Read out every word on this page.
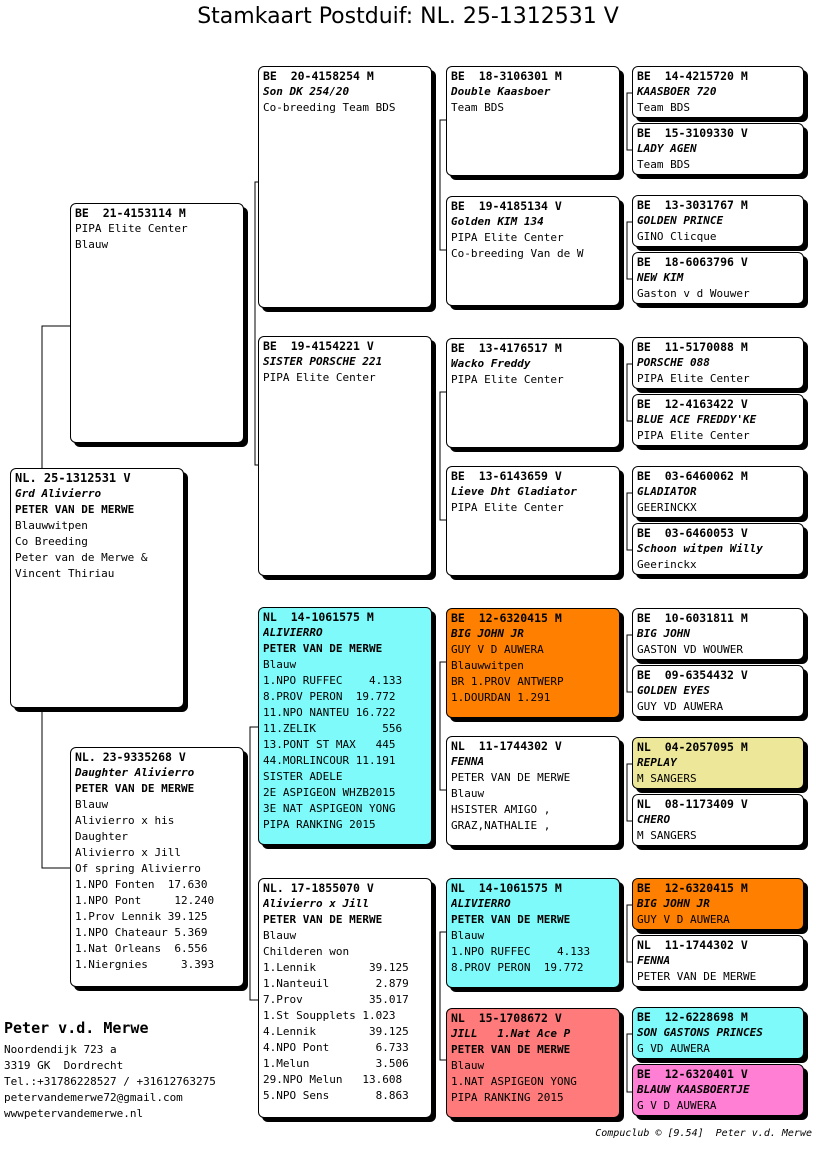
Stamkaart Postduif: NL. 25-1312531 V
NL. 25-1312531 V
Grd Alivierro
PETER VAN DE MERWE
Blauwwitpen
Co Breeding
Peter van de Merwe &
Vincent Thiriau
BE  21-4153114 M
PIPA Elite Center
Blauw
NL. 23-9335268 V
Daughter Alivierro
PETER VAN DE MERWE
Blauw
Alivierro x his
Daughter
Alivierro x Jill
Of spring Alivierro
1.NPO Fonten  17.630
1.NPO Pont     12.240
1.Prov Lennik 39.125
1.NPO Chateaur 5.369
1.Nat Orleans  6.556
1.Niergnies     3.393
BE  20-4158254 M
Son DK 254/20
Co-breeding Team BDS
BE  19-4154221 V
SISTER PORSCHE 221
PIPA Elite Center
NL  14-1061575 M
ALIVIERRO
PETER VAN DE MERWE
Blauw
1.NPO RUFFEC    4.133
8.PROV PERON  19.772
11.NPO NANTEU 16.722
11.ZELIK          556
13.PONT ST MAX   445
44.MORLINCOUR 11.191
SISTER ADELE
2E ASPIGEON WHZB2015
3E NAT ASPIGEON YONG
PIPA RANKING 2015
NL. 17-1855070 V
Alivierro x Jill
PETER VAN DE MERWE
Blauw
Childeren won
1.Lennik        39.125
1.Nanteuil       2.879
7.Prov          35.017
1.St Soupplets 1.023
4.Lennik        39.125
4.NPO Pont       6.733
1.Melun          3.506
29.NPO Melun   13.608
5.NPO Sens       8.863
BE  18-3106301 M
Double Kaasboer
Team BDS
BE  19-4185134 V
Golden KIM 134
PIPA Elite Center
Co-breeding Van de W
BE  13-4176517 M
Wacko Freddy
PIPA Elite Center
BE  13-6143659 V
Lieve Dht Gladiator
PIPA Elite Center
BE  12-6320415 M
BIG JOHN JR
GUY V D AUWERA
Blauwwitpen
BR 1.PROV ANTWERP
1.DOURDAN 1.291
NL  11-1744302 V
FENNA
PETER VAN DE MERWE
Blauw
HSISTER AMIGO ,
GRAZ,NATHALIE ,
NL  14-1061575 M
ALIVIERRO
PETER VAN DE MERWE
Blauw
1.NPO RUFFEC    4.133
8.PROV PERON  19.772
NL  15-1708672 V
JILL   1.Nat Ace P
PETER VAN DE MERWE
Blauw
1.NAT ASPIGEON YONG
PIPA RANKING 2015
BE  14-4215720 M
KAASBOER 720
Team BDS
BE  15-3109330 V
LADY AGEN
Team BDS
BE  13-3031767 M
GOLDEN PRINCE
GINO Clicque
BE  18-6063796 V
NEW KIM
Gaston v d Wouwer
BE  11-5170088 M
PORSCHE 088
PIPA Elite Center
BE  12-4163422 V
BLUE ACE FREDDY'KE
PIPA Elite Center
BE  03-6460062 M
GLADIATOR
GEERINCKX
BE  03-6460053 V
Schoon witpen Willy
Geerinckx
BE  10-6031811 M
BIG JOHN
GASTON VD WOUWER
BE  09-6354432 V
GOLDEN EYES
GUY VD AUWERA
NL  04-2057095 M
REPLAY
M SANGERS
NL  08-1173409 V
CHERO
M SANGERS
BE  12-6320415 M
BIG JOHN JR
GUY V D AUWERA
NL  11-1744302 V
FENNA
PETER VAN DE MERWE
BE  12-6228698 M
SON GASTONS PRINCES
G VD AUWERA
BE  12-6320401 V
BLAUW KAASBOERTJE
G V D AUWERA
Peter v.d. Merwe
Noordendijk 723 a
3319 GK  Dordrecht
Tel.:+31786228527 / +31612763275
petervandemerwe72@gmail.com
wwwpetervandemerwe.nl
Compuclub © [9.54]  Peter v.d. Merwe
